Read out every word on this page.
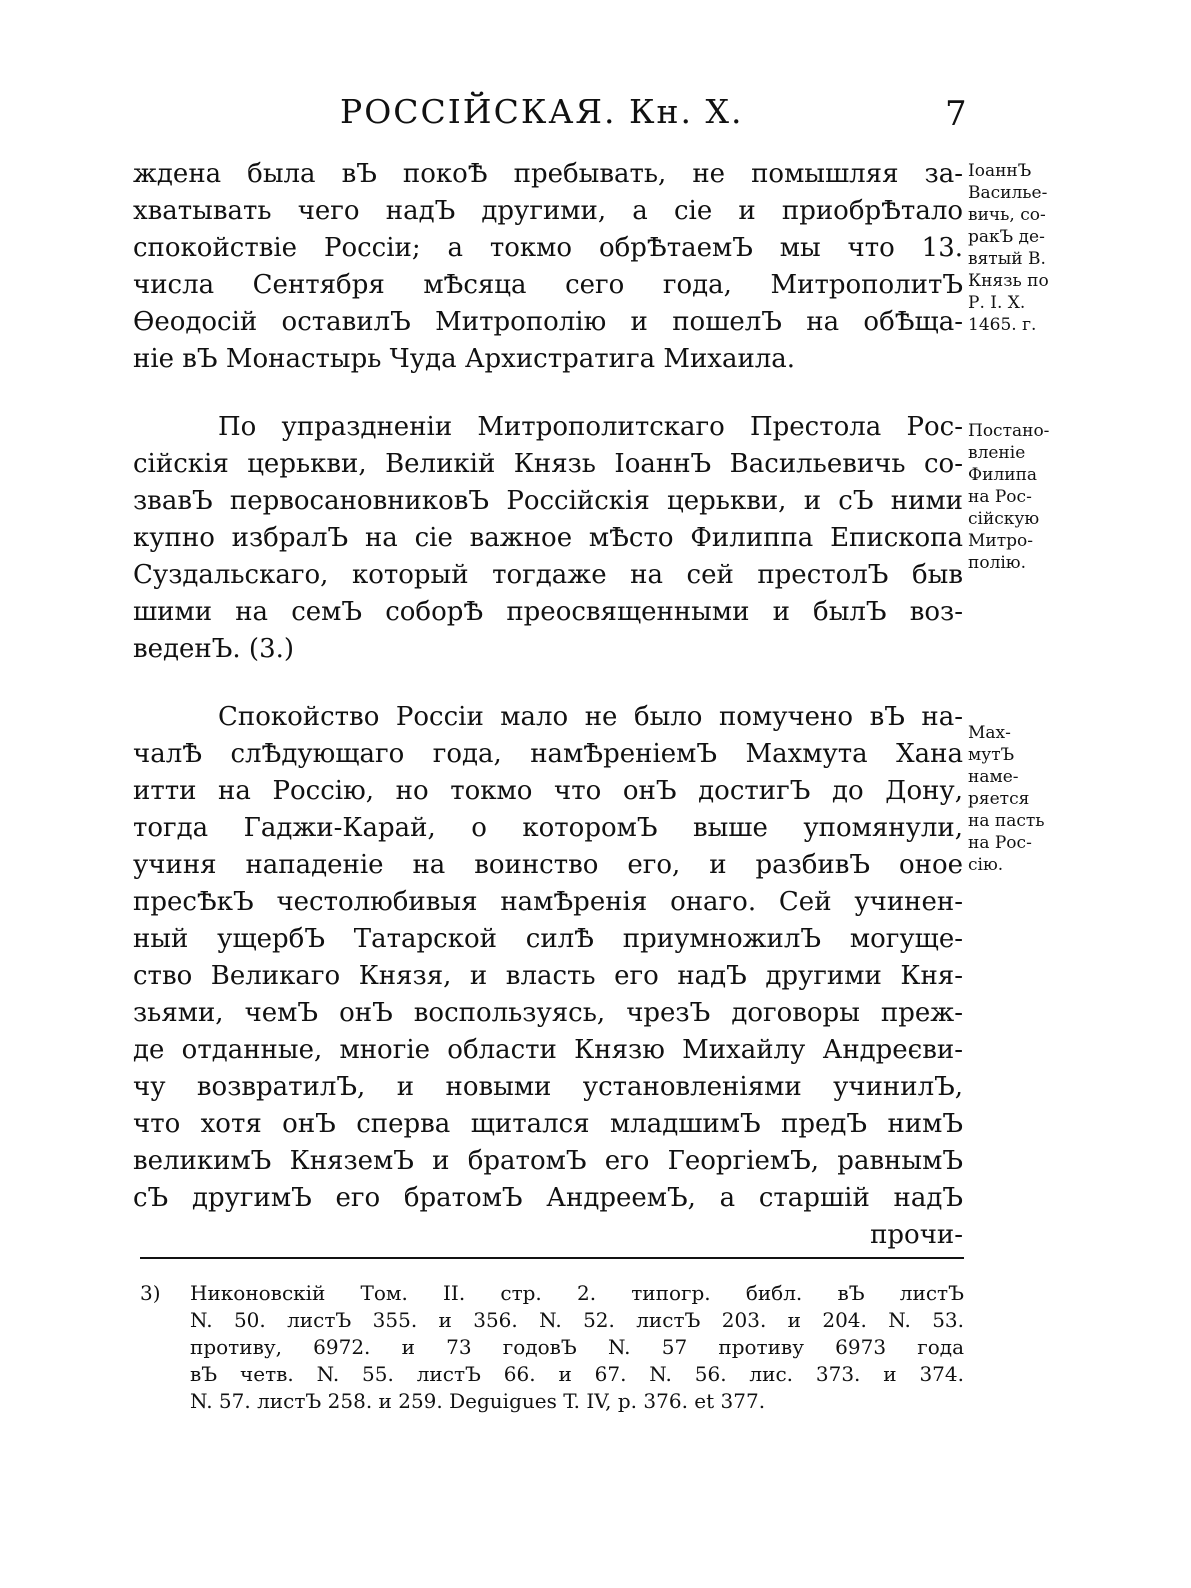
РОССІЙСКАЯ. Кн. Х.	7
ждена была вЪ покоѢ пребывать, не помышляя за-
хватывать чего надЪ другими, а сіе и приобрѢтало
спокойствіе Россіи; а токмо обрѢтаемЪ мы что 13.
числа Сентября мѢсяца сего года, МитрополитЪ
Ѳеодосій оставилЪ Митрополію и пошелЪ на обѢща-
ніе вЪ Монастырь Чуда Архистратига Михаила.
ІоаннЪ
Василье-
вичь, со-
ракЪ де-
вятый В.
Князь по
Р. І. Х.
1465. г.
По упраздненіи Митрополитскаго Престола Рос-
сійскія церькви, Великій Князь ІоаннЪ Васильевичь со-
звавЪ первосановниковЪ Россійскія церькви, и сЪ ними
купно избралЪ на сіе важное мѢсто Филиппа Епископа
Суздальскаго, который тогдаже на сей престолЪ быв
шими на семЪ соборѢ преосвященными и былЪ воз-
веденЪ. (3.)
Постано-
вленіе
Филипа
на Рос-
сійскую
Митро-
полію.
Спокойство Россіи мало не было помучено вЪ на-
чалѢ слѢдующаго года, намѢреніемЪ Махмута Хана
итти на Россію, но токмо что онЪ достигЪ до Дону,
тогда Гаджи-Карай, о которомЪ выше упомянули,
учиня нападеніе на воинство его, и разбивЪ оное
пресѢкЪ честолюбивыя намѢренія онаго. Сей учинен-
ный ущербЪ Татарской силѢ приумножилЪ могуще-
ство Великаго Князя, и власть его надЪ другими Кня-
зьями, чемЪ онЪ воспользуясь, чрезЪ договоры преж-
де отданные, многіе области Князю Михайлу Андреєви-
чу возвратилЪ, и новыми установленіями учинилЪ,
что хотя онЪ сперва щитался младшимЪ предЪ нимЪ
великимЪ КняземЪ и братомЪ его ГеоргіемЪ, равнымЪ
сЪ другимЪ его братомЪ АндреемЪ, а старшій надЪ
прочи-
Мах-
мутЪ
наме-
ряется
на пасть
на Рос-
сію.
3) Никоновскій Том. II. стр. 2. типогр. библ. вЪ листЪ
N. 50. листЪ 355. и 356. N. 52. листЪ 203. и 204. N. 53.
противу, 6972. и 73 годовЪ N. 57 противу 6973 года
вЪ четв. N. 55. листЪ 66. и 67. N. 56. лис. 373. и 374.
N. 57. листЪ 258. и 259. Deguigues T. IV, p. 376. et 377.
